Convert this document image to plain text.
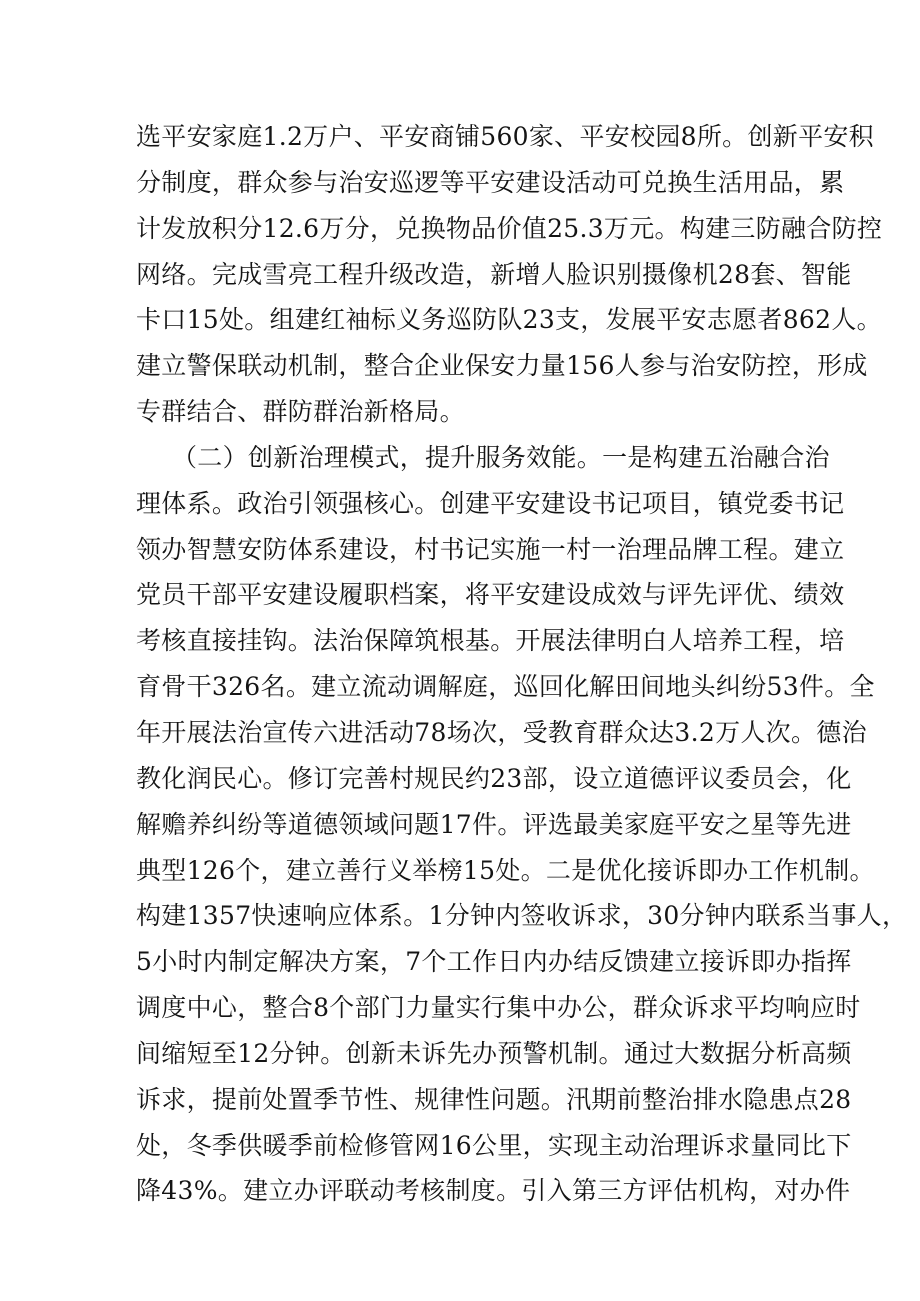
选平安家庭1.2万户、平安商铺560家、平安校园8所。创新平安积
分制度，群众参与治安巡逻等平安建设活动可兑换生活用品，累
计发放积分12.6万分，兑换物品价值25.3万元。构建三防融合防控
网络。完成雪亮工程升级改造，新增人脸识别摄像机28套、智能
卡口15处。组建红袖标义务巡防队23支，发展平安志愿者862人。
建立警保联动机制，整合企业保安力量156人参与治安防控，形成
专群结合、群防群治新格局。
（二）创新治理模式，提升服务效能。一是构建五治融合治
理体系。政治引领强核心。创建平安建设书记项目，镇党委书记
领办智慧安防体系建设，村书记实施一村一治理品牌工程。建立
党员干部平安建设履职档案，将平安建设成效与评先评优、绩效
考核直接挂钩。法治保障筑根基。开展法律明白人培养工程，培
育骨干326名。建立流动调解庭，巡回化解田间地头纠纷53件。全
年开展法治宣传六进活动78场次，受教育群众达3.2万人次。德治
教化润民心。修订完善村规民约23部，设立道德评议委员会，化
解赡养纠纷等道德领域问题17件。评选最美家庭平安之星等先进
典型126个，建立善行义举榜15处。二是优化接诉即办工作机制。
构建1357快速响应体系。1分钟内签收诉求，30分钟内联系当事人，
5小时内制定解决方案，7个工作日内办结反馈建立接诉即办指挥
调度中心，整合8个部门力量实行集中办公，群众诉求平均响应时
间缩短至12分钟。创新未诉先办预警机制。通过大数据分析高频
诉求，提前处置季节性、规律性问题。汛期前整治排水隐患点28
处，冬季供暖季前检修管网16公里，实现主动治理诉求量同比下
降43%。建立办评联动考核制度。引入第三方评估机构，对办件
